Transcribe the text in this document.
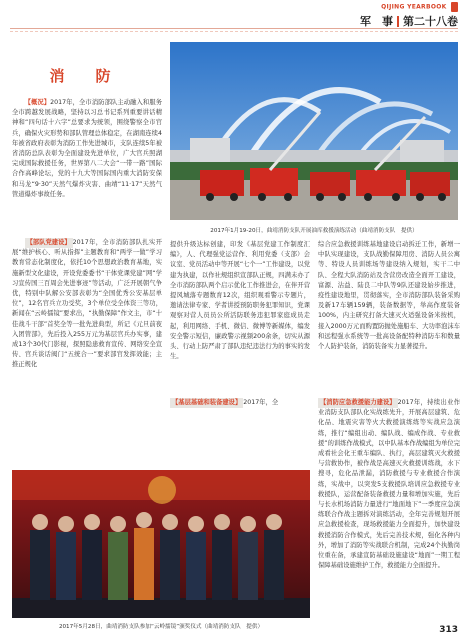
QIJING YEARBOOK
军　事 第二十八卷
消　防

【概况】2017年，全市消防部队主动融入和服务全市跨越发展战略，坚持以习总书记系列重要讲话精神和“四句话十六字”总要求为统领，围绕警察全市官兵，确保火灾形势和部队管理总体稳定，在湖南连续4年被省政府表彰为消防工作先进城市，支队连续5年被省消防总队表彰为全面建设先进单位，广大官兵照湖完成国际救援任务，世界第八二大会“一带一路”国际合作高峰论坛，党的十九大等国际国内重大消防安保和马龙“9·30”天然气爆炸灾害、曲靖“11·17”天然气管道爆炸事故任务。

2017年1月19-20日，曲靖消防支队开展油库救援演练活动（曲靖消防支队　提供）

【部队党建设】 2017年，全市消防部队扎实开展“维护核心、听从指挥”主题教育和“两学一做”学习教育常态化制度化，依托10个思想政治教育基地，实施新型文化建设，开设党委委书“干体党课党建”网“学习宣传国三百周会先进事迹”等活动，广泛开展朝气争优，特别中队解公安部表彰为“全国优秀公安基层单位”，12名官兵立功受奖，3个单位受全体资三等功，新闻在“云岭擂镜”要求出，“执勤保障”作文主，市“十佳战斗干部”首奖全等一批先进典型，所记《元旦前夜入团管部》，先后投入255万元为基层官兵办实事，建成13个30代门影视，探照隐患救育宣传、网络安全宣传、官兵谈话阀门“五统合一”要求部官发挥效能；主推正规化

提供升级达标创建，印发《基层党建工作制度汇编》，人、代理强党运营作、利用党委（支部）会议室、党员活动中等开展“七个一”工作建设，以党建为执建，以作社规组织宣部队正规，四满未办了全市消防部队两个启示优化工作推进会，在伴开营提风城落专题数育12次，组织观看警示专题片，邀请法律专家、学者讲授预防职务犯罪知识，党课观察对营人员员公所活防联务违犯罪家庭成员走起，利用网络、手机、微信、微博等新媒体，编发安全警示短信，廉政警示视频200余条，切实从源头、行动上防严肃了部队违纪违法行为的事实的发生。

【基层基础和装备建设】 2017年，全

综合应急救援训练基地建设启动拆迁工作，新增一中队实现建设，支队战勤保障用房、消防人员公寓等、特设人员训练场等建设纳入规划，实干二中队、全程大队消防站及含营房改造全面开工建设，富源、沾益、陆良二中队等9队还建设始步推进，疫性建设地里，贯彻落实，全市消防部队装备采购及新17车辆159辆，装备数据等，举高作度装备100%，内主研究打备大速灭火适强设备米按机，接入2000万元而购置防抛处施船车、大功率泡沫车和远程强水系统等一批高设备配特种消防车和数量个人防护装备，消防装备实力显著提升。

【消防应急救援能力建设】 2017年，持续出业作业消防支队部队化实战练先升，开展高层建筑、危化品、地震灾害等火大救援演练练等实战应急演练，推行“编组出动、编队战、编成作战、专业救援”的训练作战模式，以中队基本作战编组为单位完成看社会化王重车编队、执行，高层建筑灭火救援与营救协作，被作战是高速灭火救援训练战，水下搜寻，危化品泄漏，消防救援与专业救援合作演练，实战中，以突发5支救援队培训应急救援专业救援队，运营配备装备救援力量和增加实施，先后与长水机场消防力量进行“地面地下”一季度应急演练联合作战主题拆对演练活动，全年完善规划开展应急救援检查，现场救援能力全面提升，加快建设救援消防合作模式，先后完善技术规，强化各种内外，增加了消防等实战联合机制，完成24个执勤岗位重在备，承建宣防基础设施建设“地面”一期工程保障基础设施维护工作，救援能力全面提升。

2017年5月28日，曲靖消防支队参加“云岭擂镜”颁奖仪式（曲靖消防支队　提供）	313
